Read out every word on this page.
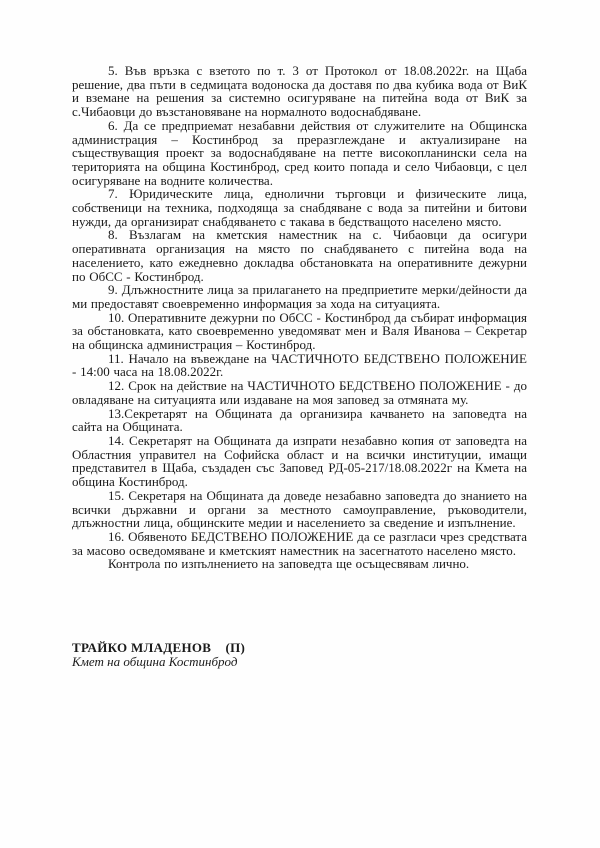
5. Във връзка с взетото по т. 3 от Протокол от 18.08.2022г. на Щаба решение, два пъти в седмицата водоноска да доставя по два кубика вода от ВиК и вземане на решения за системно осигуряване на питейна вода от ВиК за с.Чибаовци до възстановяване на нормалното водоснабдяване.

6. Да се предприемат незабавни действия от служителите на Общинска администрация – Костинброд за преразглеждане и актуализиране на съществуващия проект за водоснабдяване на петте високопланински села на територията на община Костинброд, сред които попада и село Чибаовци, с цел осигуряване на водните количества.

7. Юридическите лица, еднолични търговци и физическите лица, собственици на техника, подходяща за снабдяване с вода за питейни и битови нужди, да организират снабдяването с такава в бедстващото населено място.

8. Възлагам на кметския наместник на с. Чибаовци да осигури оперативната организация на място по снабдяването с питейна вода на населението, като ежедневно докладва обстановката на оперативните дежурни по ОбСС - Костинброд.

9. Длъжностните лица за прилагането на предприетите мерки/дейности да ми предоставят своевременно информация за хода на ситуацията.

10. Оперативните дежурни по ОбСС - Костинброд да събират информация за обстановката, като своевременно уведомяват мен и Валя Иванова – Секретар на общинска администрация – Костинброд.

11. Начало на въвеждане на ЧАСТИЧНОТО БЕДСТВЕНО ПОЛОЖЕНИЕ - 14:00 часа на 18.08.2022г.

12. Срок на действие на ЧАСТИЧНОТО БЕДСТВЕНО ПОЛОЖЕНИЕ - до овладяване на ситуацията или издаване на моя заповед за отмяната му.

13.Секретарят на Общината да организира качването на заповедта на сайта на Общината.

14. Секретарят на Общината да изпрати незабавно копия от заповедта на Областния управител на Софийска област и на всички институции, имащи представител в Щаба, създаден със Заповед РД-05-217/18.08.2022г на Кмета на община Костинброд.

15. Секретаря на Общината да доведе незабавно заповедта до знанието на всички държавни и органи за местното самоуправление, ръководители, длъжностни лица, общинските медии и населението за сведение и изпълнение.

16. Обявеното БЕДСТВЕНО ПОЛОЖЕНИЕ да се разгласи чрез средствата за масово осведомяване и кметският наместник на засегнатото населено място.

Контрола по изпълнението на заповедта ще осъщесвявам лично.

ТРАЙКО МЛАДЕНОВ    (П)
Кмет на община Костинброд
